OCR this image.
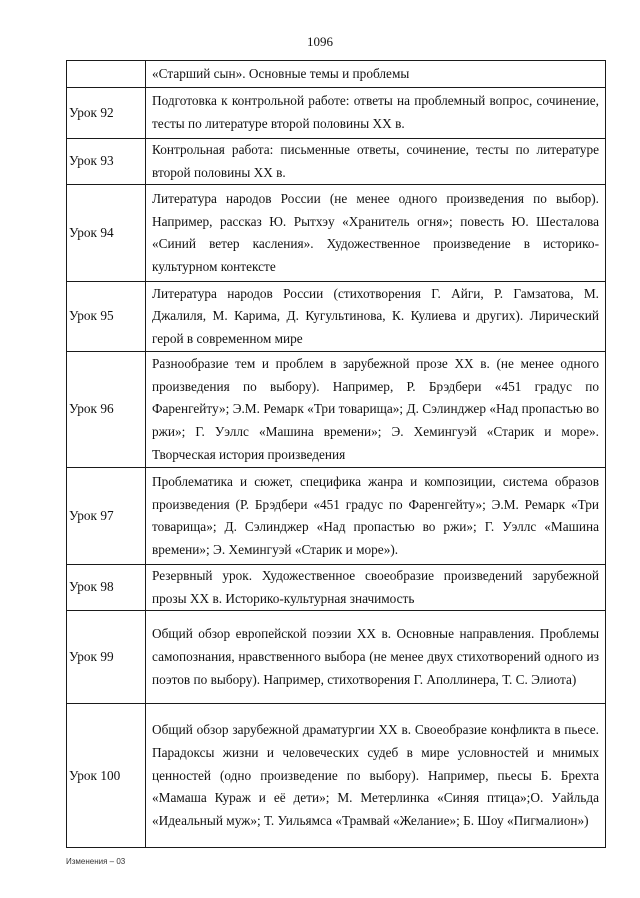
1096
	«Старший сын». Основные темы и проблемы
Урок 92	Подготовка к контрольной работе: ответы на проблемный вопрос, сочинение, тесты по литературе второй половины XX в.
Урок 93	Контрольная работа: письменные ответы, сочинение, тесты по литературе второй половины XX в.
Урок 94	Литература народов России (не менее одного произведения по выбор). Например, рассказ Ю. Рытхэу «Хранитель огня»; повесть Ю. Шесталова «Синий ветер касления». Художественное произведение в историко-культурном контексте
Урок 95	Литература народов России (стихотворения Г. Айги, Р. Гамзатова, М. Джалиля, М. Карима, Д. Кугультинова, К. Кулиева и других). Лирический герой в современном мире
Урок 96	Разнообразие тем и проблем в зарубежной прозе XX в. (не менее одного произведения по выбору). Например, Р. Брэдбери «451 градус по Фаренгейту»; Э.М. Ремарк «Три товарища»; Д. Сэлинджер «Над пропастью во ржи»; Г. Уэллс «Машина времени»; Э. Хемингуэй «Старик и море». Творческая история произведения
Урок 97	Проблематика и сюжет, специфика жанра и композиции, система образов произведения (Р. Брэдбери «451 градус по Фаренгейту»; Э.М. Ремарк «Три товарища»; Д. Сэлинджер «Над пропастью во ржи»; Г. Уэллс «Машина времени»; Э. Хемингуэй «Старик и море»).
Урок 98	Резервный урок. Художественное своеобразие произведений зарубежной прозы XX в. Историко-культурная значимость
Урок 99	Общий обзор европейской поэзии XX в. Основные направления. Проблемы самопознания, нравственного выбора (не менее двух стихотворений одного из поэтов по выбору). Например, стихотворения Г. Аполлинера, Т. С. Элиота)
Урок 100	Общий обзор зарубежной драматургии XX в. Своеобразие конфликта в пьесе. Парадоксы жизни и человеческих судеб в мире условностей и мнимых ценностей (одно произведение по выбору). Например, пьесы Б. Брехта «Мамаша Кураж и её дети»; М. Метерлинка «Синяя птица»;О. Уайльда «Идеальный муж»; Т. Уильямса «Трамвай «Желание»; Б. Шоу «Пигмалион»)
Изменения – 03
